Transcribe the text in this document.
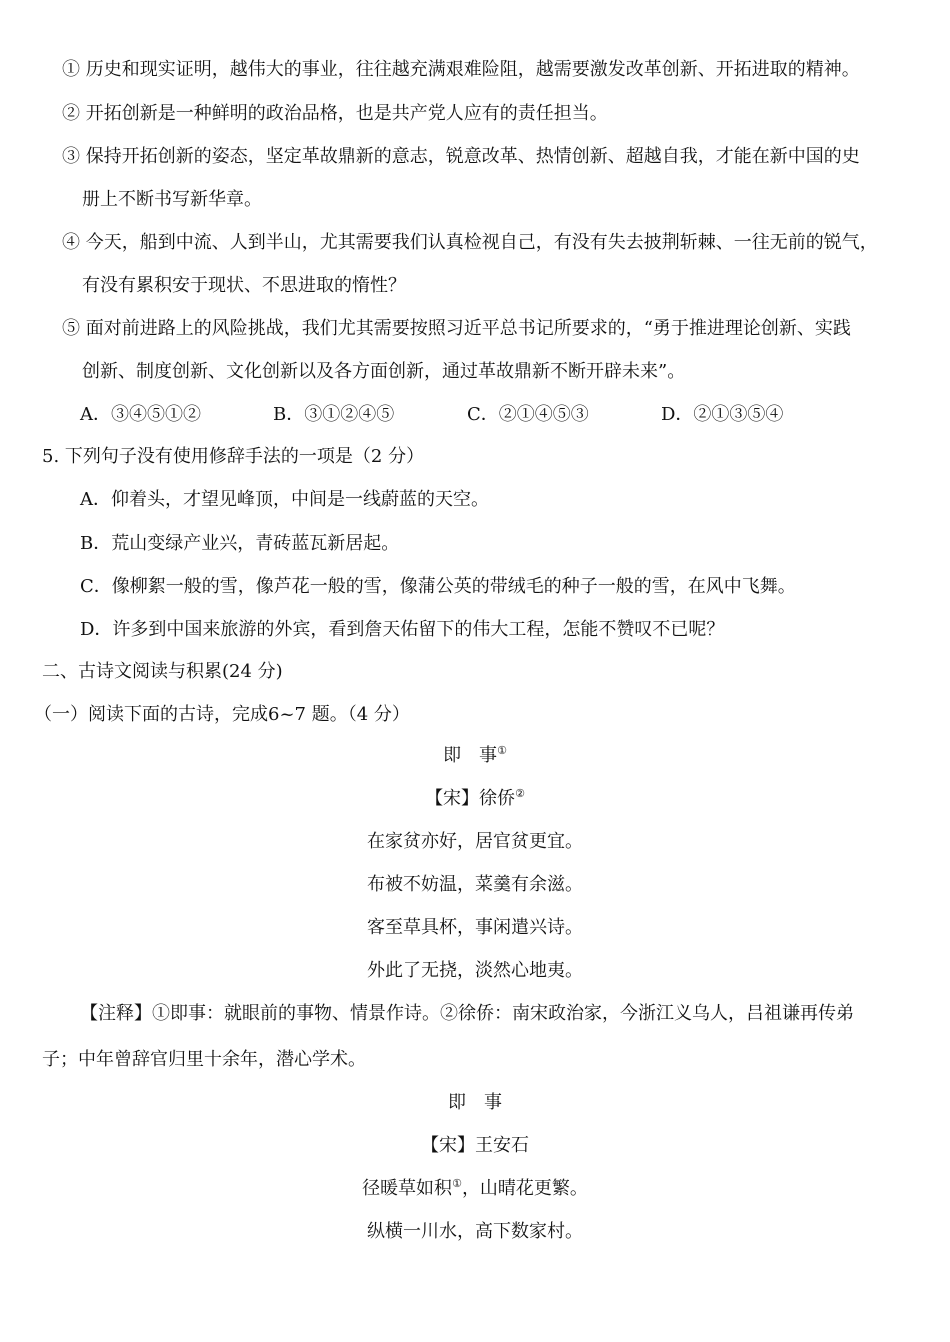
① 历史和现实证明，越伟大的事业，往往越充满艰难险阻，越需要激发改革创新、开拓进取的精神。
② 开拓创新是一种鲜明的政治品格，也是共产党人应有的责任担当。
③ 保持开拓创新的姿态，坚定革故鼎新的意志，锐意改革、热情创新、超越自我，才能在新中国的史
册上不断书写新华章。
④ 今天，船到中流、人到半山，尤其需要我们认真检视自己，有没有失去披荆斩棘、一往无前的锐气，
有没有累积安于现状、不思进取的惰性？
⑤ 面对前进路上的风险挑战，我们尤其需要按照习近平总书记所要求的，“勇于推进理论创新、实践
创新、制度创新、文化创新以及各方面创新，通过革故鼎新不断开辟未来”。
A．③④⑤①②	B．③①②④⑤	C．②①④⑤③	D．②①③⑤④
5. 下列句子没有使用修辞手法的一项是（2 分）
A．仰着头，才望见峰顶，中间是一线蔚蓝的天空。
B．荒山变绿产业兴，青砖蓝瓦新居起。
C．像柳絮一般的雪，像芦花一般的雪，像蒲公英的带绒毛的种子一般的雪，在风中飞舞。
D．许多到中国来旅游的外宾，看到詹天佑留下的伟大工程，怎能不赞叹不已呢？
二、古诗文阅读与积累(24 分)
（一）阅读下面的古诗，完成6~7 题。（4 分）
即　事①
【宋】徐侨②
在家贫亦好，居官贫更宜。
布被不妨温，菜羹有余滋。
客至草具杯，事闲遣兴诗。
外此了无挠，淡然心地夷。
【注释】①即事：就眼前的事物、情景作诗。②徐侨：南宋政治家，今浙江义乌人，吕祖谦再传弟
子；中年曾辞官归里十余年，潜心学术。
即　事
【宋】王安石
径暖草如积①，山晴花更繁。
纵横一川水，高下数家村。
